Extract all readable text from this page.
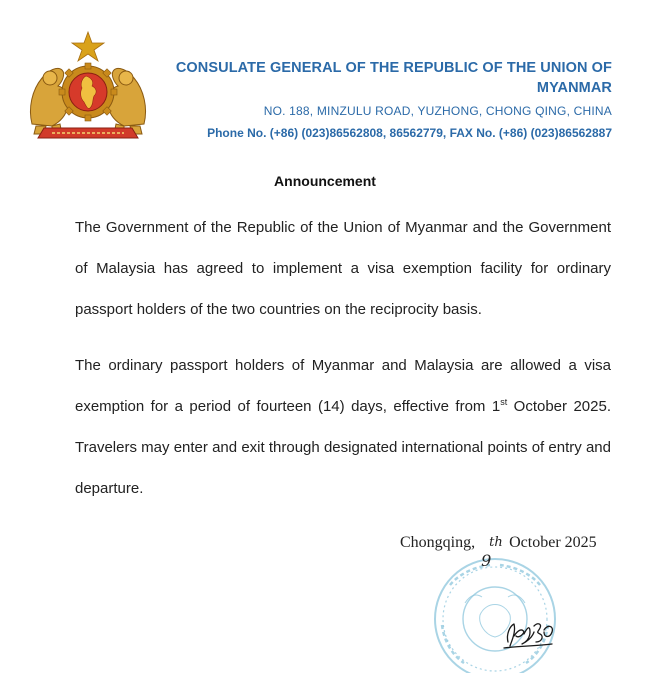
CONSULATE GENERAL OF THE REPUBLIC OF THE UNION OF MYANMAR
NO. 188, MINZULU ROAD, YUZHONG, CHONG QING, CHINA
Phone No. (+86) (023)86562808, 86562779, FAX No. (+86) (023)86562887
Announcement
The Government of the Republic of the Union of Myanmar and the Government of Malaysia has agreed to implement a visa exemption facility for ordinary passport holders of the two countries on the reciprocity basis.
The ordinary passport holders of Myanmar and Malaysia are allowed a visa exemption for a period of fourteen (14) days, effective from 1st October 2025. Travelers may enter and exit through designated international points of entry and departure.
Chongqing,
9
th October 2025
